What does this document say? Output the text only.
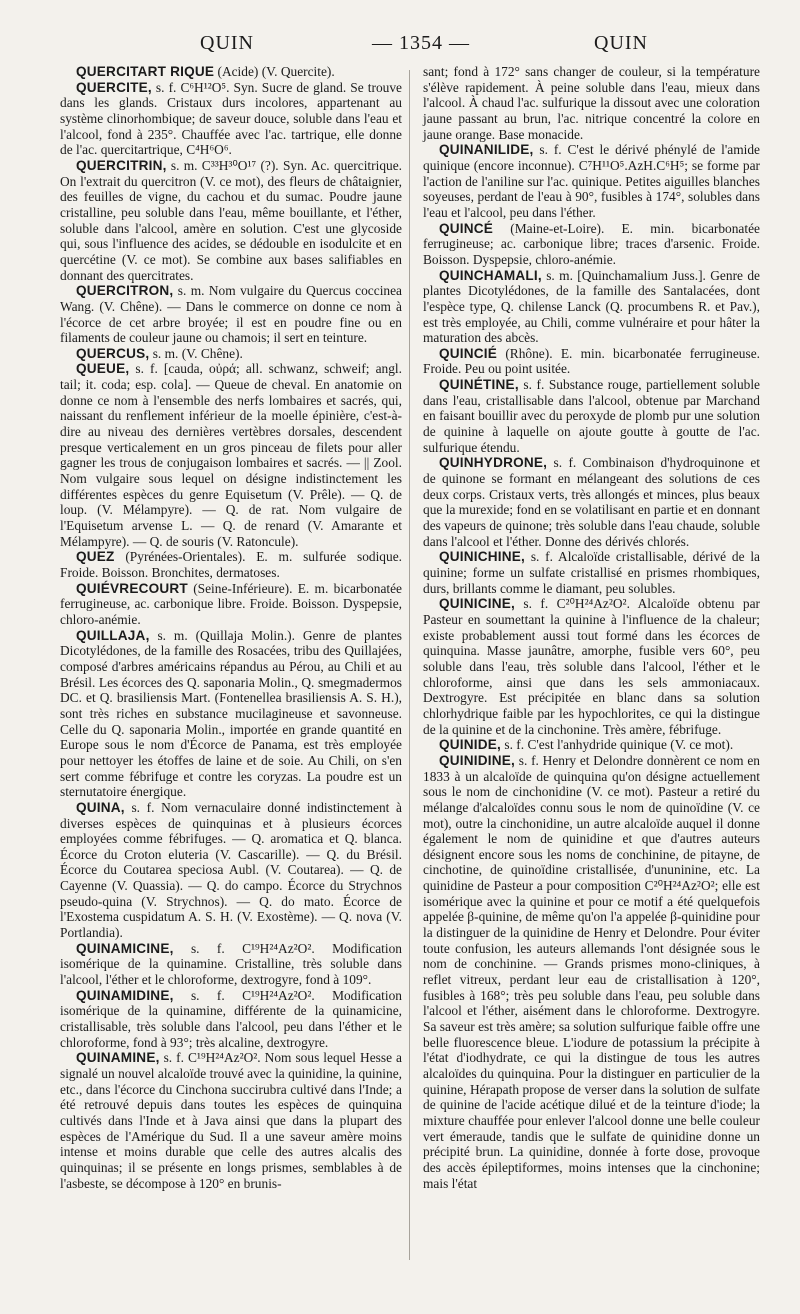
QUIN	— 1354 —	QUIN

QUERCITART RIQUE (Acide) (V. Quercite).

QUERCITE, s. f. C⁶H¹²O⁵. Syn. Sucre de gland. Se trouve dans les glands. Cristaux durs incolores, appartenant au système clinorhombique; de saveur douce, soluble dans l'eau et l'alcool, fond à 235°. Chauffée avec l'ac. tartrique, elle donne de l'ac. quercitartrique, C⁴H⁶O⁶.

QUERCITRIN, s. m. C³³H³⁰O¹⁷ (?). Syn. Ac. quercitrique. On l'extrait du quercitron (V. ce mot), des fleurs de châtaignier, des feuilles de vigne, du cachou et du sumac. Poudre jaune cristalline, peu soluble dans l'eau, même bouillante, et l'éther, soluble dans l'alcool, amère en solution. C'est une glycoside qui, sous l'influence des acides, se dédouble en isodulcite et en quercétine (V. ce mot). Se combine aux bases salifiables en donnant des quercitrates.

QUERCITRON, s. m. Nom vulgaire du Quercus coccinea Wang. (V. Chêne). — Dans le commerce on donne ce nom à l'écorce de cet arbre broyée; il est en poudre fine ou en filaments de couleur jaune ou chamois; il sert en teinture.

QUERCUS, s. m. (V. Chêne).

QUEUE, s. f. [cauda, οὐρά; all. schwanz, schweif; angl. tail; it. coda; esp. cola]. — Queue de cheval. En anatomie on donne ce nom à l'ensemble des nerfs lombaires et sacrés, qui, naissant du renflement inférieur de la moelle épinière, c'est-à-dire au niveau des dernières vertèbres dorsales, descendent presque verticalement en un gros pinceau de filets pour aller gagner les trous de conjugaison lombaires et sacrés. — || Zool. Nom vulgaire sous lequel on désigne indistinctement les différentes espèces du genre Equisetum (V. Prêle). — Q. de loup. (V. Mélampyre). — Q. de rat. Nom vulgaire de l'Equisetum arvense L. — Q. de renard (V. Amarante et Mélampyre). — Q. de souris (V. Ratoncule).

QUEZ (Pyrénées-Orientales). E. m. sulfurée sodique. Froide. Boisson. Bronchites, dermatoses.

QUIÉVRECOURT (Seine-Inférieure). E. m. bicarbonatée ferrugineuse, ac. carbonique libre. Froide. Boisson. Dyspepsie, chloro-anémie.

QUILLAJA, s. m. (Quillaja Molin.). Genre de plantes Dicotylédones, de la famille des Rosacées, tribu des Quillajées, composé d'arbres américains répandus au Pérou, au Chili et au Brésil. Les écorces des Q. saponaria Molin., Q. smegmadermos DC. et Q. brasiliensis Mart. (Fontenellea brasiliensis A. S. H.), sont très riches en substance mucilagineuse et savonneuse. Celle du Q. saponaria Molin., importée en grande quantité en Europe sous le nom d'Écorce de Panama, est très employée pour nettoyer les étoffes de laine et de soie. Au Chili, on s'en sert comme fébrifuge et contre les coryzas. La poudre est un sternutatoire énergique.

QUINA, s. f. Nom vernaculaire donné indistinctement à diverses espèces de quinquinas et à plusieurs écorces employées comme fébrifuges. — Q. aromatica et Q. blanca. Écorce du Croton eluteria (V. Cascarille). — Q. du Brésil. Écorce du Coutarea speciosa Aubl. (V. Coutarea). — Q. de Cayenne (V. Quassia). — Q. do campo. Écorce du Strychnos pseudo-quina (V. Strychnos). — Q. do mato. Écorce de l'Exostema cuspidatum A. S. H. (V. Exostème). — Q. nova (V. Portlandia).

QUINAMICINE, s. f. C¹⁹H²⁴Az²O². Modification isomérique de la quinamine. Cristalline, très soluble dans l'alcool, l'éther et le chloroforme, dextrogyre, fond à 109°.

QUINAMIDINE, s. f. C¹⁹H²⁴Az²O². Modification isomérique de la quinamine, différente de la quinamicine, cristallisable, très soluble dans l'alcool, peu dans l'éther et le chloroforme, fond à 93°; très alcaline, dextrogyre.

QUINAMINE, s. f. C¹⁹H²⁴Az²O². Nom sous lequel Hesse a signalé un nouvel alcaloïde trouvé avec la quinidine, la quinine, etc., dans l'écorce du Cinchona succirubra cultivé dans l'Inde; a été retrouvé depuis dans toutes les espèces de quinquina cultivés dans l'Inde et à Java ainsi que dans la plupart des espèces de l'Amérique du Sud. Il a une saveur amère moins intense et moins durable que celle des autres alcalis des quinquinas; il se présente en longs prismes, semblables à de l'asbeste, se décompose à 120° en brunis-

sant; fond à 172° sans changer de couleur, si la température s'élève rapidement. À peine soluble dans l'eau, mieux dans l'alcool. À chaud l'ac. sulfurique la dissout avec une coloration jaune passant au brun, l'ac. nitrique concentré la colore en jaune orange. Base monacide.

QUINANILIDE, s. f. C'est le dérivé phénylé de l'amide quinique (encore inconnue). C⁷H¹¹O⁵.AzH.C⁶H⁵; se forme par l'action de l'aniline sur l'ac. quinique. Petites aiguilles blanches soyeuses, perdant de l'eau à 90°, fusibles à 174°, solubles dans l'eau et l'alcool, peu dans l'éther.

QUINCÉ (Maine-et-Loire). E. min. bicarbonatée ferrugineuse; ac. carbonique libre; traces d'arsenic. Froide. Boisson. Dyspepsie, chloro-anémie.

QUINCHAMALI, s. m. [Quinchamalium Juss.]. Genre de plantes Dicotylédones, de la famille des Santalacées, dont l'espèce type, Q. chilense Lanck (Q. procumbens R. et Pav.), est très employée, au Chili, comme vulnéraire et pour hâter la maturation des abcès.

QUINCIÉ (Rhône). E. min. bicarbonatée ferrugineuse. Froide. Peu ou point usitée.

QUINÉTINE, s. f. Substance rouge, partiellement soluble dans l'eau, cristallisable dans l'alcool, obtenue par Marchand en faisant bouillir avec du peroxyde de plomb pur une solution de quinine à laquelle on ajoute goutte à goutte de l'ac. sulfurique étendu.

QUINHYDRONE, s. f. Combinaison d'hydroquinone et de quinone se formant en mélangeant des solutions de ces deux corps. Cristaux verts, très allongés et minces, plus beaux que la murexide; fond en se volatilisant en partie et en donnant des vapeurs de quinone; très soluble dans l'eau chaude, soluble dans l'alcool et l'éther. Donne des dérivés chlorés.

QUINICHINE, s. f. Alcaloïde cristallisable, dérivé de la quinine; forme un sulfate cristallisé en prismes rhombiques, durs, brillants comme le diamant, peu solubles.

QUINICINE, s. f. C²⁰H²⁴Az²O². Alcaloïde obtenu par Pasteur en soumettant la quinine à l'influence de la chaleur; existe probablement aussi tout formé dans les écorces de quinquina. Masse jaunâtre, amorphe, fusible vers 60°, peu soluble dans l'eau, très soluble dans l'alcool, l'éther et le chloroforme, ainsi que dans les sels ammoniacaux. Dextrogyre. Est précipitée en blanc dans sa solution chlorhydrique faible par les hypochlorites, ce qui la distingue de la quinine et de la cinchonine. Très amère, fébrifuge.

QUINIDE, s. f. C'est l'anhydride quinique (V. ce mot).

QUINIDINE, s. f. Henry et Delondre donnèrent ce nom en 1833 à un alcaloïde de quinquina qu'on désigne actuellement sous le nom de cinchonidine (V. ce mot). Pasteur a retiré du mélange d'alcaloïdes connu sous le nom de quinoïdine (V. ce mot), outre la cinchonidine, un autre alcaloïde auquel il donne également le nom de quinidine et que d'autres auteurs désignent encore sous les noms de conchinine, de pitayne, de cinchotine, de quinoïdine cristallisée, d'ununinine, etc. La quinidine de Pasteur a pour composition C²⁰H²⁴Az²O²; elle est isomérique avec la quinine et pour ce motif a été quelquefois appelée β-quinine, de même qu'on l'a appelée β-quinidine pour la distinguer de la quinidine de Henry et Delondre. Pour éviter toute confusion, les auteurs allemands l'ont désignée sous le nom de conchinine. — Grands prismes mono-cliniques, à reflet vitreux, perdant leur eau de cristallisation à 120°, fusibles à 168°; très peu soluble dans l'eau, peu soluble dans l'alcool et l'éther, aisément dans le chloroforme. Dextrogyre. Sa saveur est très amère; sa solution sulfurique faible offre une belle fluorescence bleue. L'iodure de potassium la précipite à l'état d'iodhydrate, ce qui la distingue de tous les autres alcaloïdes du quinquina. Pour la distinguer en particulier de la quinine, Hérapath propose de verser dans la solution de sulfate de quinine de l'acide acétique dilué et de la teinture d'iode; la mixture chauffée pour enlever l'alcool donne une belle couleur vert émeraude, tandis que le sulfate de quinidine donne un précipité brun. La quinidine, donnée à forte dose, provoque des accès épileptiformes, moins intenses que la cinchonine; mais l'état
